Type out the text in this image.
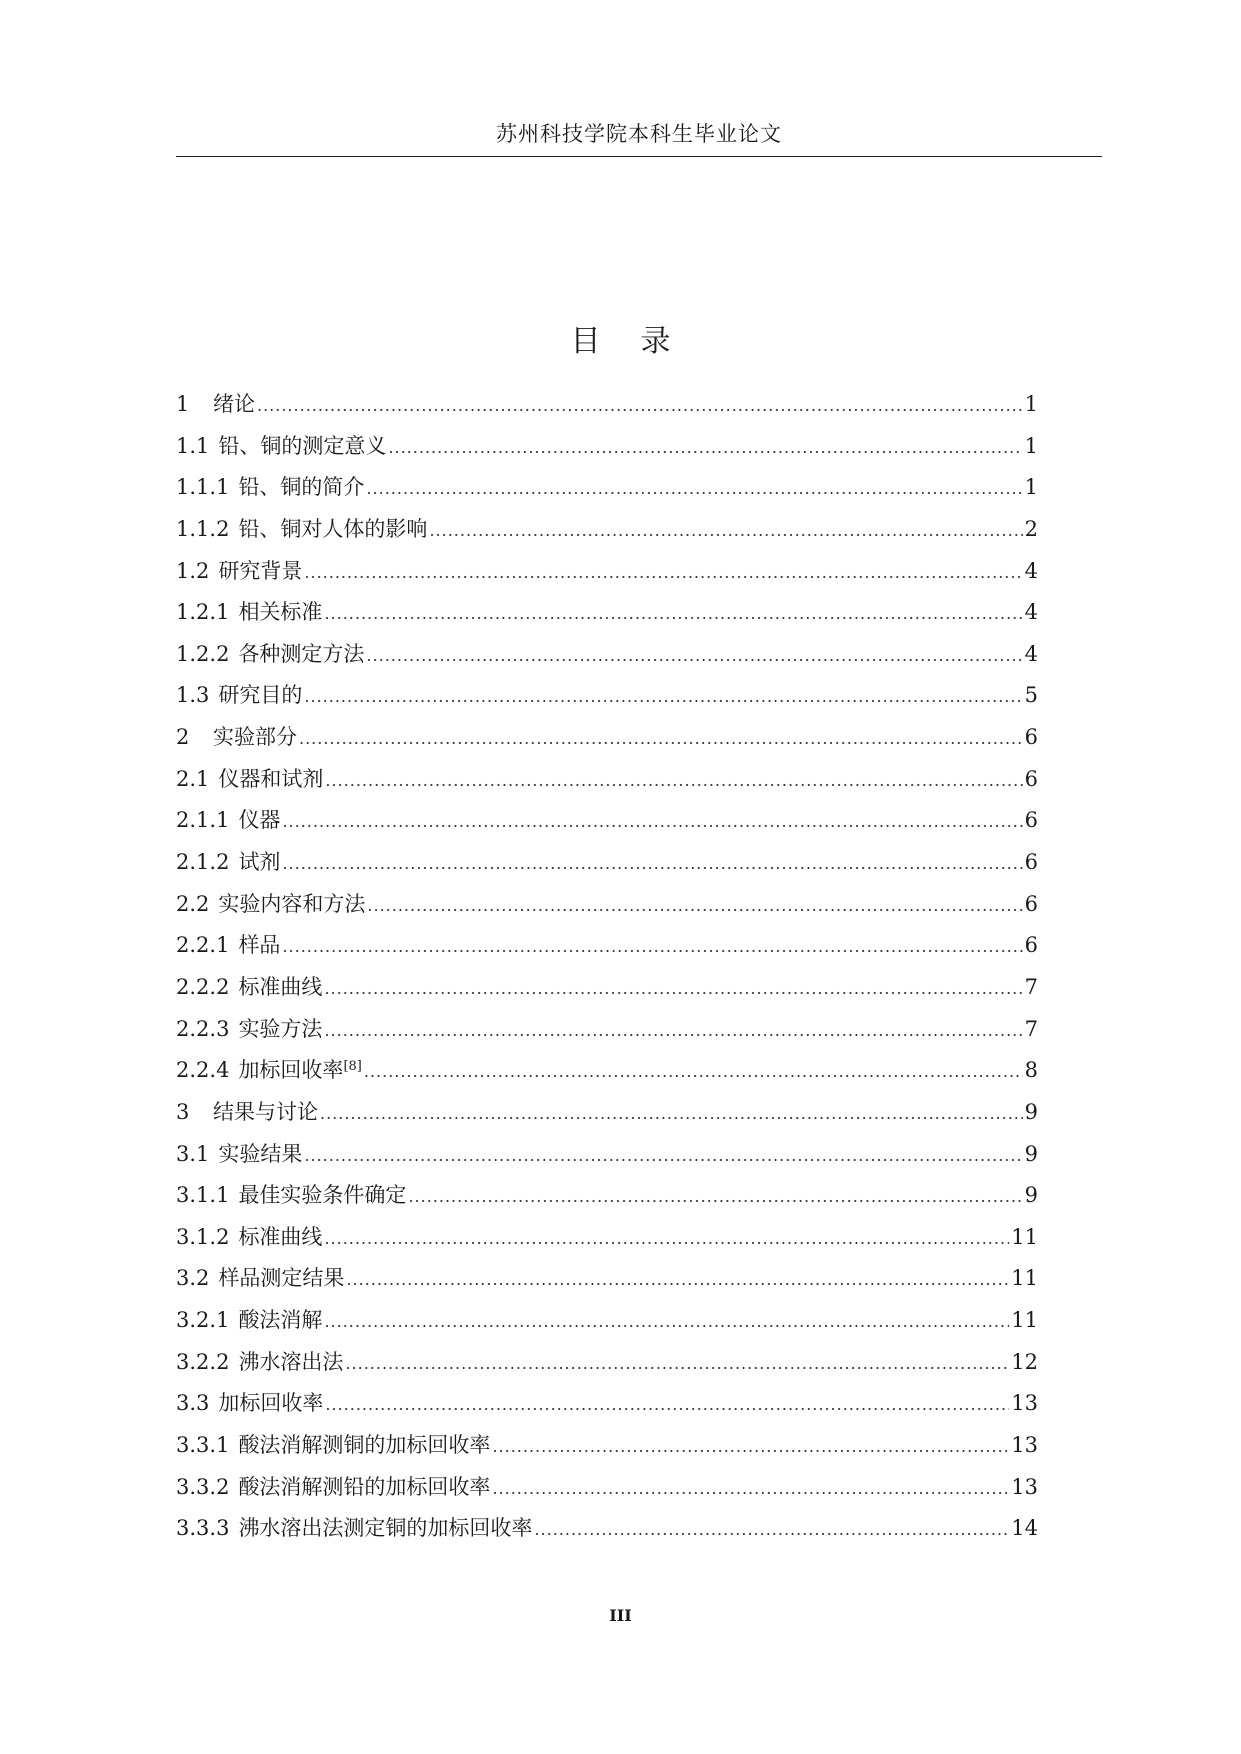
苏州科技学院本科生毕业论文
目 录
1	绪论 .....	1
1.1 铅、铜的测定意义 .....	1
1.1.1 铅、铜的简介 .....	1
1.1.2 铅、铜对人体的影响 .....	2
1.2 研究背景 .....	4
1.2.1 相关标准 .....	4
1.2.2 各种测定方法 .....	4
1.3 研究目的 .....	5
2	实验部分 .....	6
2.1 仪器和试剂 .....	6
2.1.1 仪器 .....	6
2.1.2 试剂 .....	6
2.2 实验内容和方法 .....	6
2.2.1 样品 .....	6
2.2.2 标准曲线 .....	7
2.2.3 实验方法 .....	7
2.2.4 加标回收率[8] .....	8
3	结果与讨论 .....	9
3.1 实验结果 .....	9
3.1.1 最佳实验条件确定 .....	9
3.1.2 标准曲线 .....	11
3.2 样品测定结果 .....	11
3.2.1 酸法消解 .....	11
3.2.2 沸水溶出法 .....	12
3.3 加标回收率 .....	13
3.3.1 酸法消解测铜的加标回收率 .....	13
3.3.2 酸法消解测铅的加标回收率 .....	13
3.3.3 沸水溶出法测定铜的加标回收率 .....	14
III
